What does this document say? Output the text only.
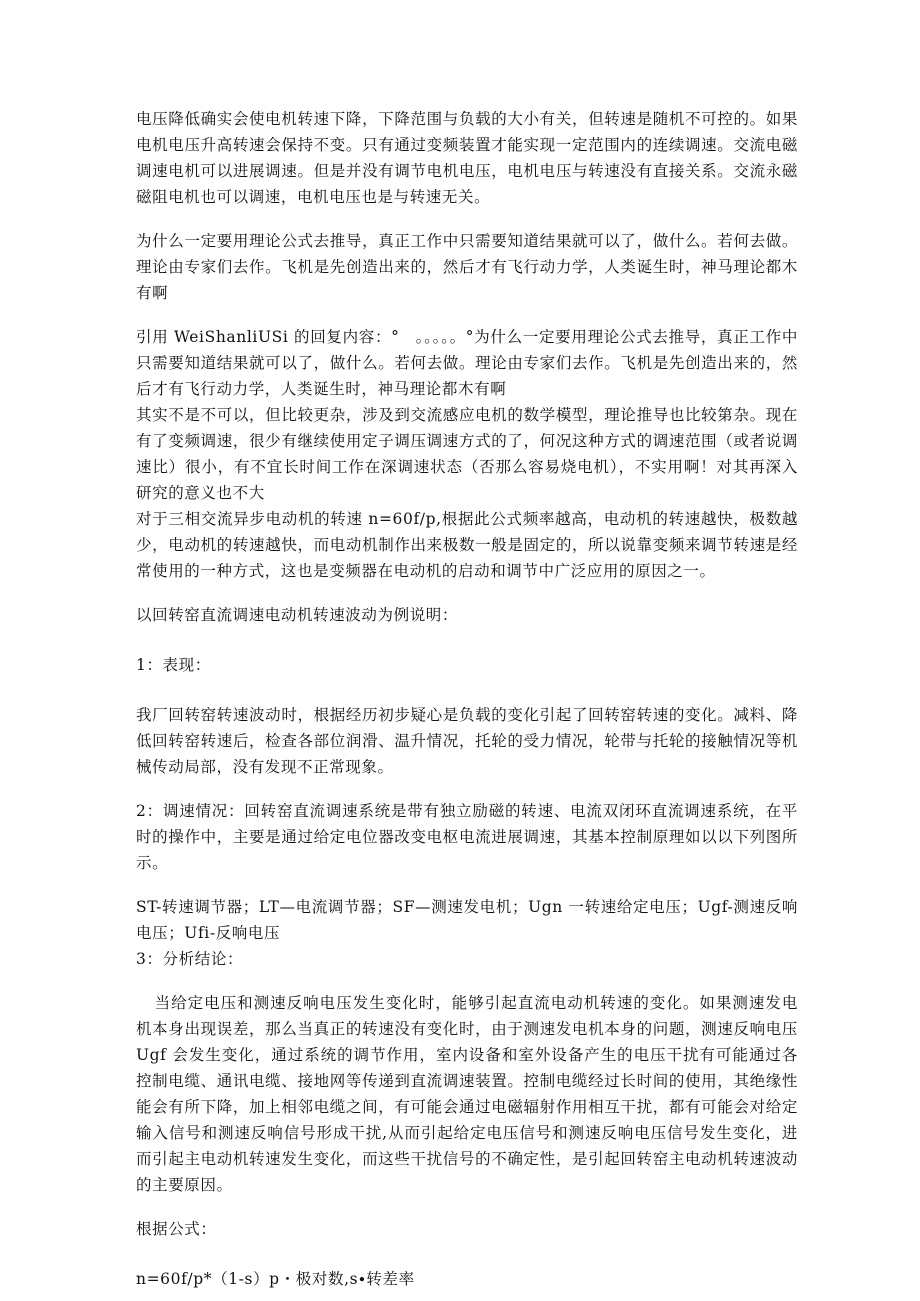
电压降低确实会使电机转速下降，下降范围与负载的大小有关，但转速是随机不可控的。如果电机电压升高转速会保持不变。只有通过变频装置才能实现一定范围内的连续调速。交流电磁调速电机可以进展调速。但是并没有调节电机电压，电机电压与转速没有直接关系。交流永磁磁阻电机也可以调速，电机电压也是与转速无关。

为什么一定要用理论公式去推导，真正工作中只需要知道结果就可以了，做什么。若何去做。理论由专家们去作。飞机是先创造出来的，然后才有飞行动力学，人类诞生时，神马理论都木有啊

引用 WeiShanliUSi 的回复内容：°　。。。。。°为什么一定要用理论公式去推导，真正工作中只需要知道结果就可以了，做什么。若何去做。理论由专家们去作。飞机是先创造出来的，然后才有飞行动力学，人类诞生时，神马理论都木有啊

其实不是不可以，但比较更杂，涉及到交流感应电机的数学模型，理论推导也比较第杂。现在有了变频调速，很少有继续使用定子调压调速方式的了，何况这种方式的调速范围（或者说调速比）很小，有不宜长时间工作在深调速状态（否那么容易烧电机），不实用啊！对其再深入研究的意义也不大

对于三相交流异步电动机的转速 n=60f∕p,根据此公式频率越高，电动机的转速越快，极数越少，电动机的转速越快，而电动机制作出来极数一般是固定的，所以说靠变频来调节转速是经常使用的一种方式，这也是变频器在电动机的启动和调节中广泛应用的原因之一。

以回转窑直流调速电动机转速波动为例说明：

1：表现：

我厂回转窑转速波动时，根据经历初步疑心是负载的变化引起了回转窑转速的变化。减料、降低回转窑转速后，检查各部位润滑、温升情况，托轮的受力情况，轮带与托轮的接触情况等机械传动局部，没有发现不正常现象。

2：调速情况：回转窑直流调速系统是带有独立励磁的转速、电流双闭环直流调速系统，在平时的操作中，主要是通过给定电位器改变电枢电流进展调速，其基本控制原理如以以下列图所示。

ST-转速调节器；LT—电流调节器；SF—测速发电机；Ugn 一转速给定电压；Ugf-测速反响电压；Ufi-反响电压

3：分析结论：

当给定电压和测速反响电压发生变化时，能够引起直流电动机转速的变化。如果测速发电机本身出现误差，那么当真正的转速没有变化时，由于测速发电机本身的问题，测速反响电压 Ugf 会发生变化，通过系统的调节作用，室内设备和室外设备产生的电压干扰有可能通过各控制电缆、通讯电缆、接地网等传递到直流调速装置。控制电缆经过长时间的使用，其绝缘性能会有所下降，加上相邻电缆之间，有可能会通过电磁辐射作用相互干扰，都有可能会对给定输入信号和测速反响信号形成干扰,从而引起给定电压信号和测速反响电压信号发生变化，进而引起主电动机转速发生变化，而这些干扰信号的不确定性，是引起回转窑主电动机转速波动的主要原因。

根据公式：

n=60f∕p*（1-s）p・极对数,s∙转差率
